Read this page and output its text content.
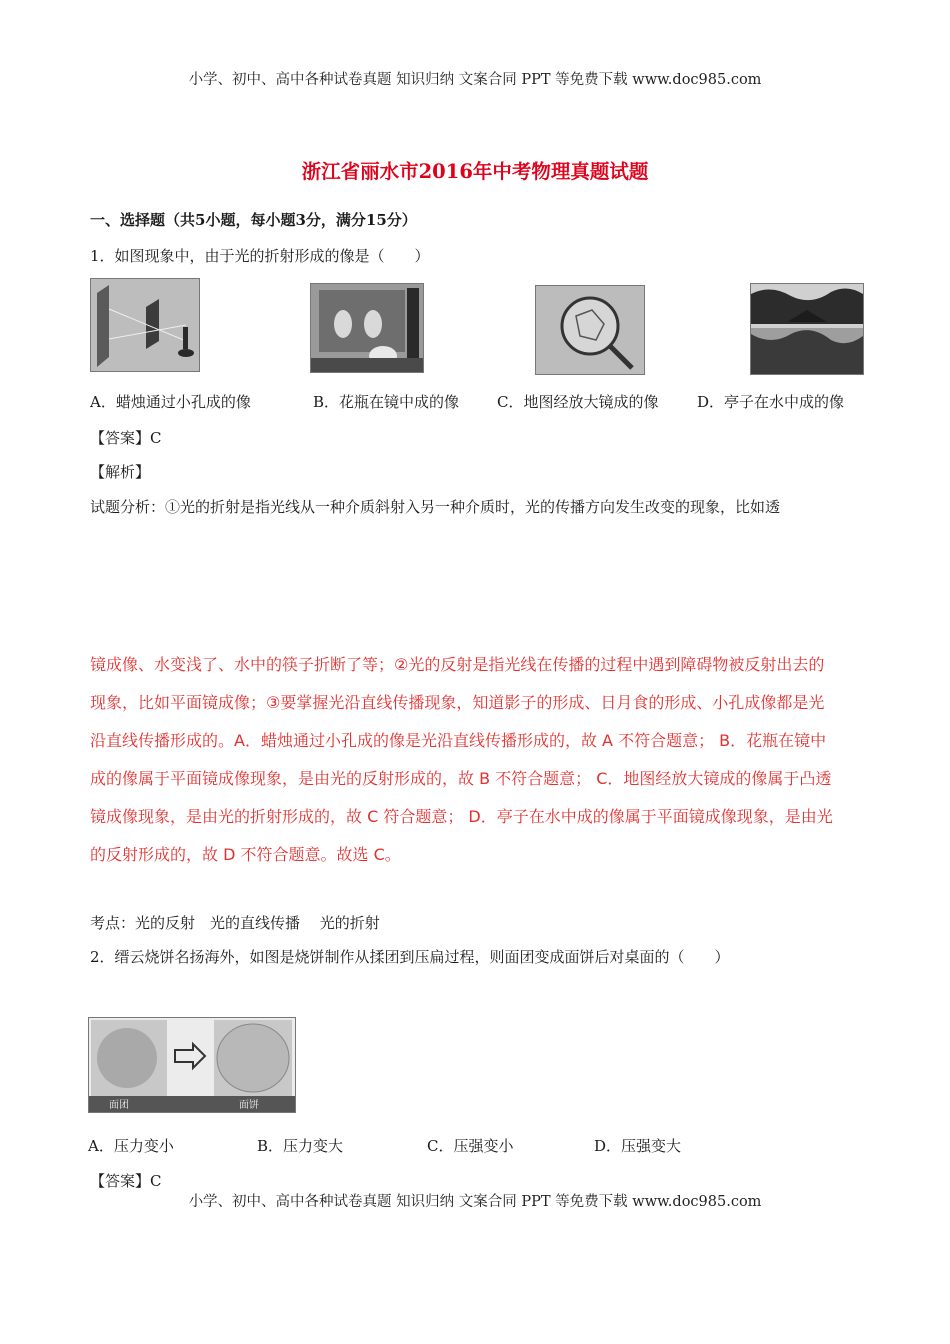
小学、初中、高中各种试卷真题 知识归纳 文案合同 PPT 等免费下载 www.doc985.com
浙江省丽水市2016年中考物理真题试题
一、选择题（共5小题，每小题3分，满分15分）
1．如图现象中，由于光的折射形成的像是（　　）
A．蜡烛通过小孔成的像	B．花瓶在镜中成的像	C．地图经放大镜成的像	D．亭子在水中成的像
【答案】C
【解析】
试题分析：①光的折射是指光线从一种介质斜射入另一种介质时，光的传播方向发生改变的现象，比如透
镜成像、水变浅了、水中的筷子折断了等；②光的反射是指光线在传播的过程中遇到障碍物被反射出去的
现象，比如平面镜成像；③要掌握光沿直线传播现象，知道影子的形成、日月食的形成、小孔成像都是光
沿直线传播形成的。A．蜡烛通过小孔成的像是光沿直线传播形成的，故 A 不符合题意； B．花瓶在镜中
成的像属于平面镜成像现象，是由光的反射形成的，故 B 不符合题意； C．地图经放大镜成的像属于凸透
镜成像现象，是由光的折射形成的，故 C 符合题意； D．亭子在水中成的像属于平面镜成像现象，是由光
的反射形成的，故 D 不符合题意。故选 C。
考点：光的反射　光的直线传播　 光的折射
2．缙云烧饼名扬海外，如图是烧饼制作从揉团到压扁过程，则面团变成面饼后对桌面的（　　）
面团	面饼
A．压力变小	B．压力变大	C．压强变小	D．压强变大
【答案】C
小学、初中、高中各种试卷真题 知识归纳 文案合同 PPT 等免费下载 www.doc985.com
